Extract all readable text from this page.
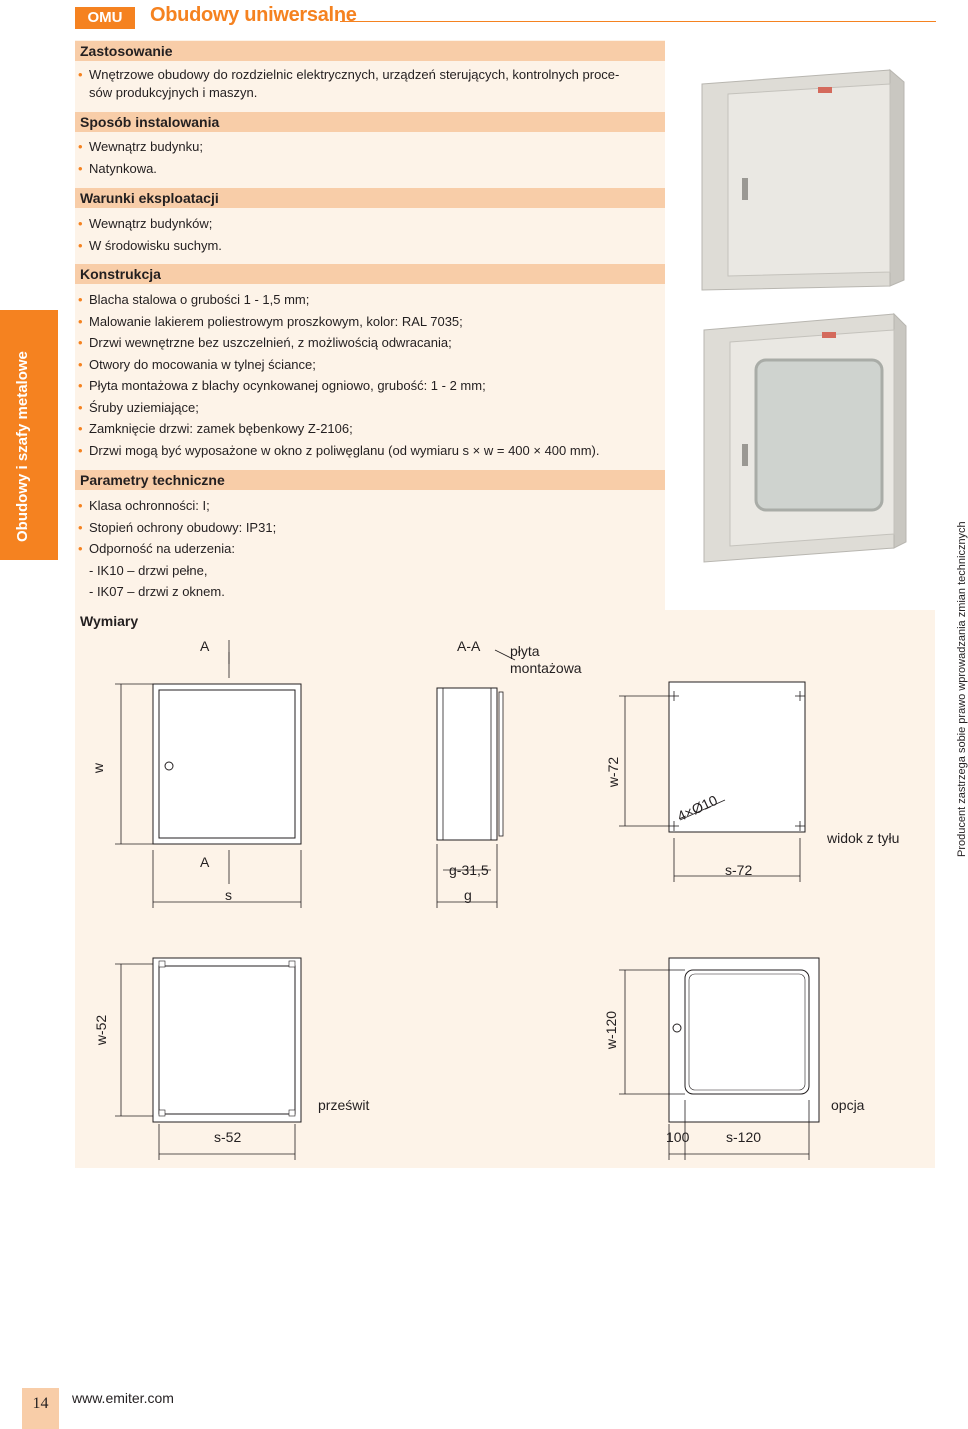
OMU	Obudowy uniwersalne
Obudowy i szafy metalowe
Producent zastrzega sobie prawo wprowadzania zmian technicznych
Zastosowanie
• Wnętrzowe obudowy do rozdzielnic elektrycznych, urządzeń sterujących, kontrolnych proce-
sów produkcyjnych i maszyn.
Sposób instalowania
• Wewnątrz budynku;
• Natynkowa.
Warunki eksploatacji
• Wewnątrz budynków;
• W środowisku suchym.
Konstrukcja
• Blacha stalowa o grubości 1 - 1,5 mm;
• Malowanie lakierem poliestrowym proszkowym, kolor: RAL 7035;
• Drzwi wewnętrzne bez uszczelnień, z możliwością odwracania;
• Otwory do mocowania w tylnej ściance;
• Płyta montażowa z blachy ocynkowanej ogniowo, grubość: 1 - 2 mm;
• Śruby uziemiające;
• Zamknięcie drzwi: zamek bębenkowy Z-2106;
• Drzwi mogą być wyposażone w okno z poliwęglanu (od wymiaru s × w = 400 × 400 mm).
Parametry techniczne
• Klasa ochronności: I;
• Stopień ochrony obudowy: IP31;
• Odporność na uderzenia:
- IK10 – drzwi pełne,
- IK07 – drzwi z oknem.
Wymiary
A
A
w
s
A-A płyta
montażowa
g-31,5
g
w-72
4×Ø10
s-72
widok z tyłu
w-52
prześwit
s-52
w-120
opcja
100	s-120
14	www.emiter.com
